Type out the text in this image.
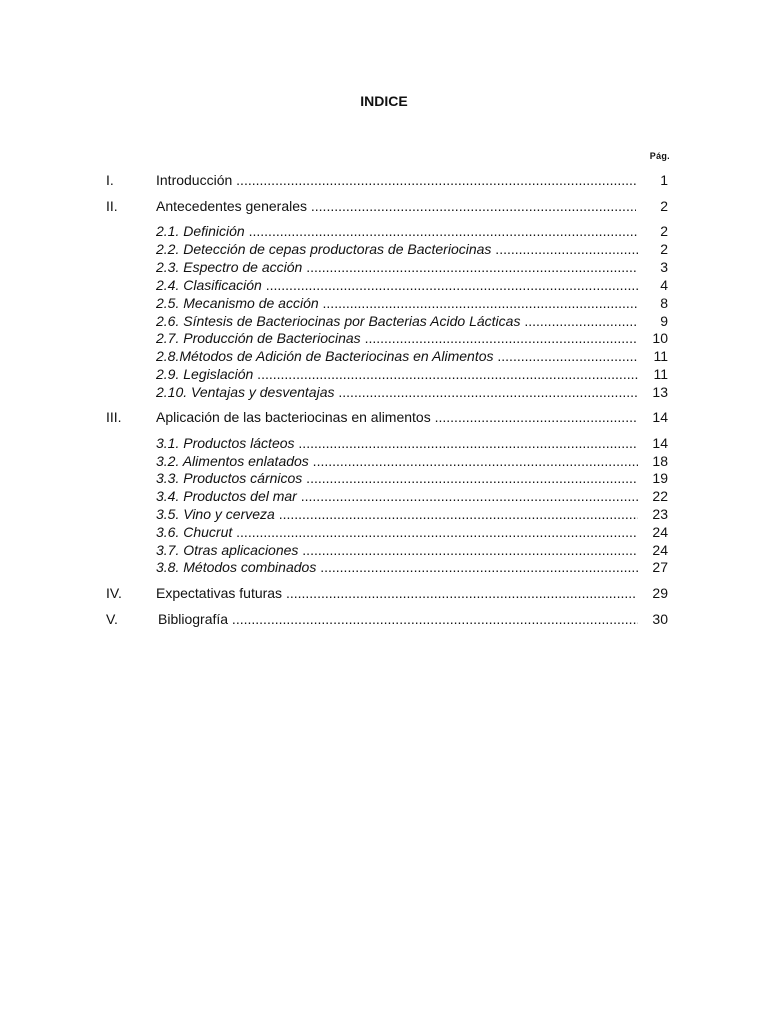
INDICE
Pág.
I.	Introducción .....	1
II.	Antecedentes generales .....	2
2.1. Definición .....	2
2.2. Detección de cepas productoras de Bacteriocinas .....	2
2.3. Espectro de acción .....	3
2.4. Clasificación .....	4
2.5. Mecanismo de acción .....	8
2.6. Síntesis de Bacteriocinas por Bacterias Acido Lácticas .....	9
2.7. Producción de Bacteriocinas .....	10
2.8.Métodos de Adición de Bacteriocinas en Alimentos .....	11
2.9. Legislación .....	11
2.10. Ventajas y desventajas .....	13
III. Aplicación de las bacteriocinas en alimentos .....	14
3.1. Productos lácteos .....	14
3.2. Alimentos enlatados .....	18
3.3. Productos cárnicos .....	19
3.4. Productos del mar .....	22
3.5. Vino y cerveza .....	23
3.6. Chucrut .....	24
3.7. Otras aplicaciones .....	24
3.8. Métodos combinados .....	27
IV. Expectativas futuras .....	29
V.	Bibliografía .....	30
